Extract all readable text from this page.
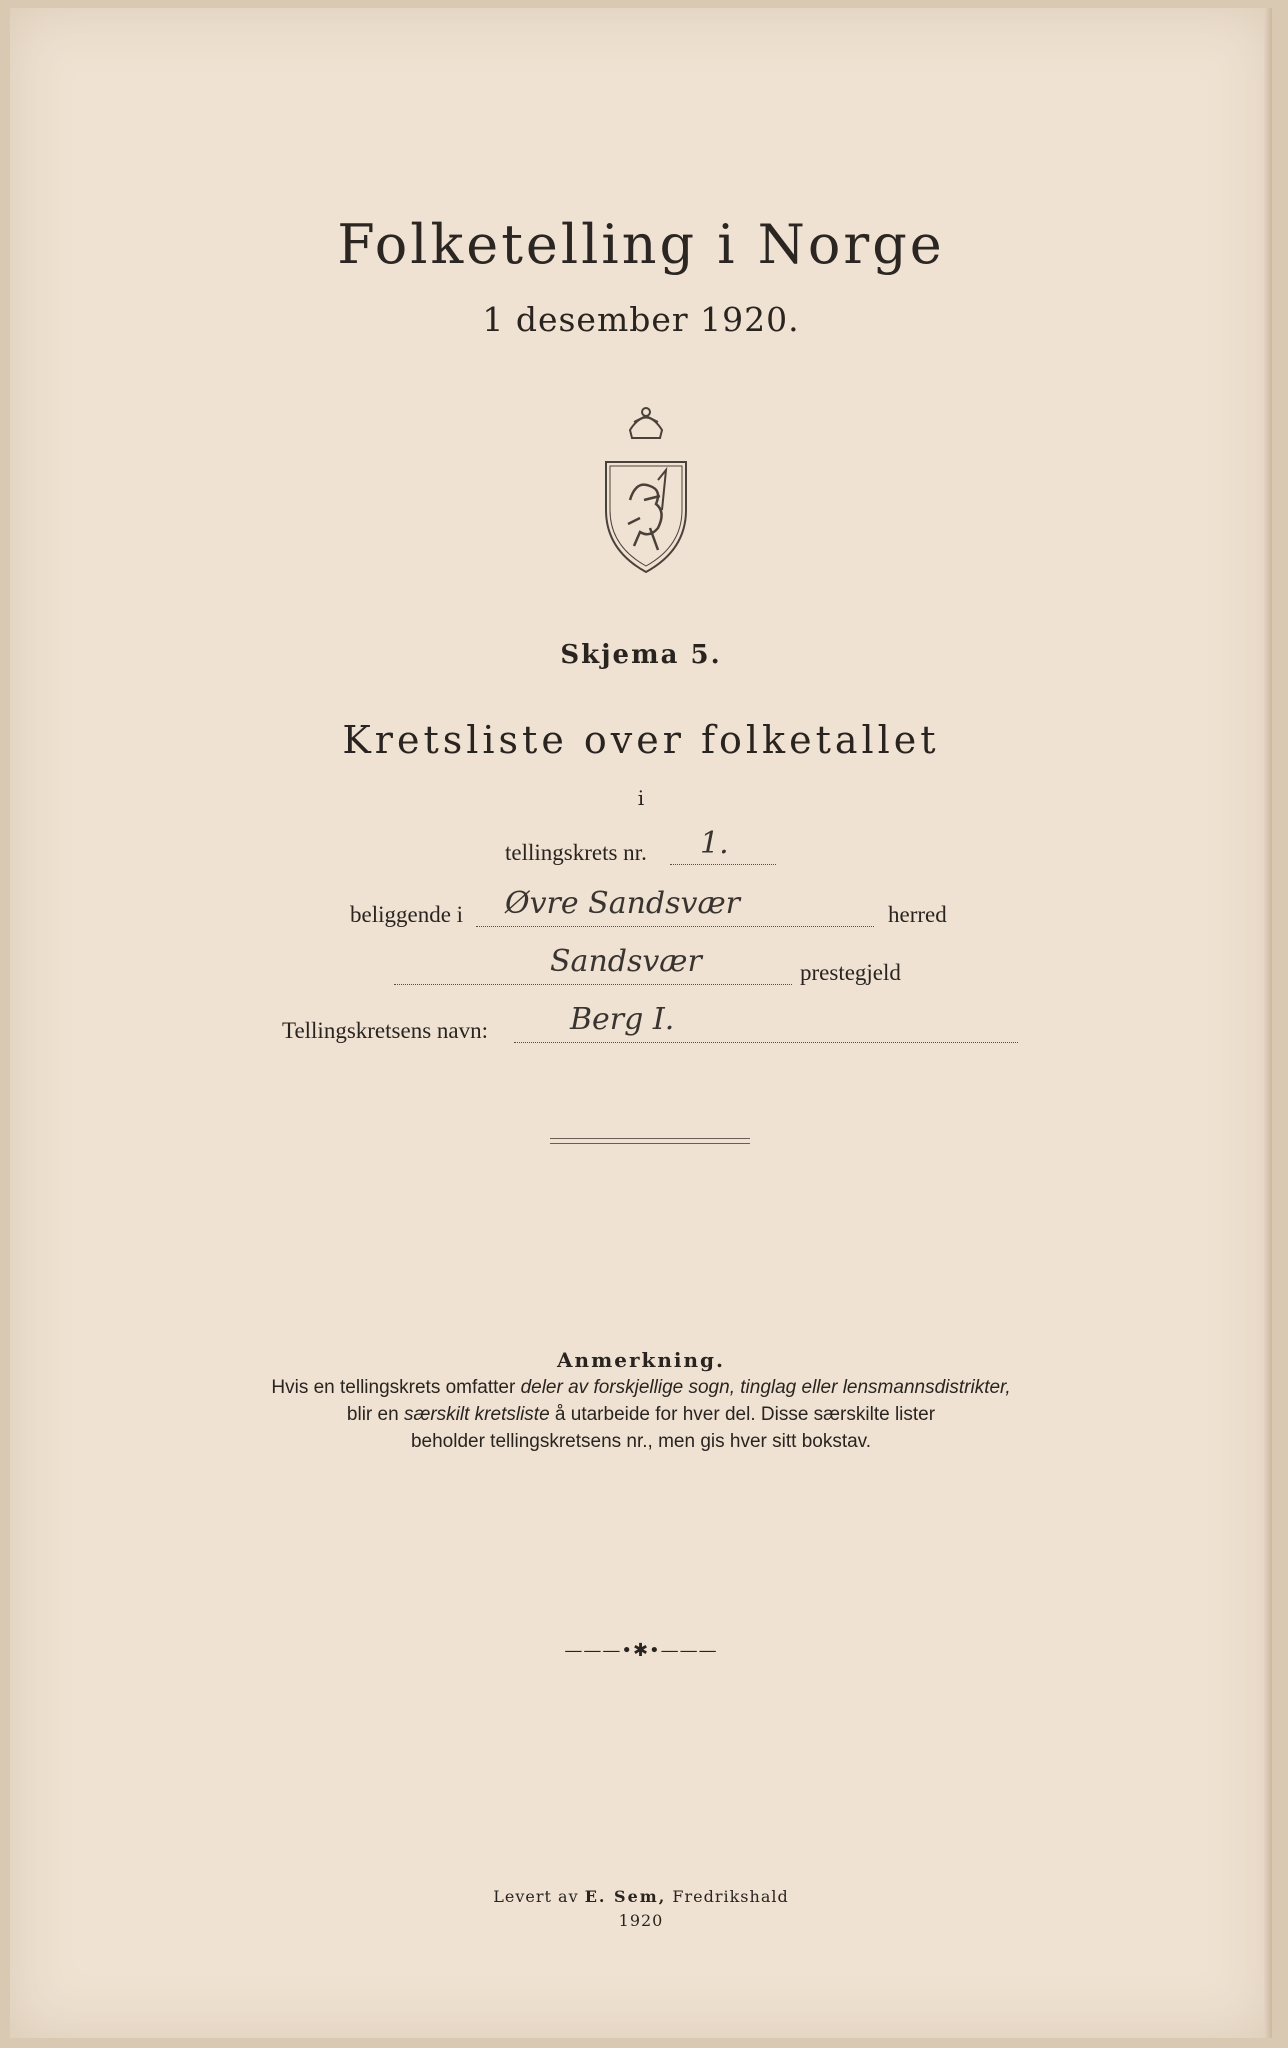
Folketelling i Norge
1 desember 1920.
Skjema 5.
Kretsliste over folketallet
i
tellingskrets nr. 1.
beliggende i Øvre Sandsvær	herred
Sandsvær	prestegjeld
Tellingskretsens navn:	Berg I.
Anmerkning.
Hvis en tellingskrets omfatter deler av forskjellige sogn, tinglag eller lensmannsdistrikter,
blir en særskilt kretsliste å utarbeide for hver del. Disse særskilte lister
beholder tellingskretsens nr., men gis hver sitt bokstav.
———•✱•———
Levert av E. Sem, Fredrikshald
1920
